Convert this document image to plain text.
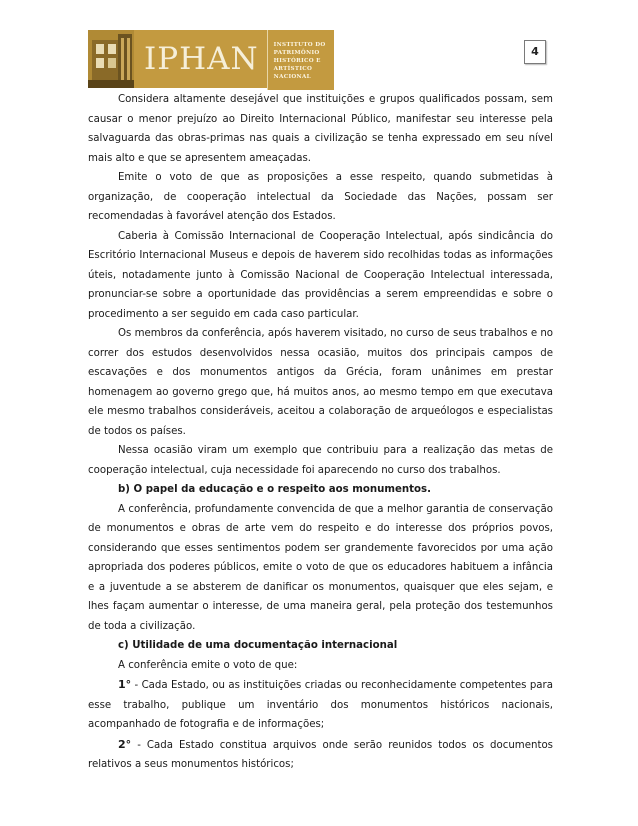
IPHAN	INSTITUTO DO
PATRIMÔNIO
HISTÓRICO E
ARTÍSTICO
NACIONAL
4

Considera altamente desejável que instituições e grupos qualificados possam, sem causar o menor prejuízo ao Direito Internacional Público, manifestar seu interesse pela salvaguarda das obras-primas nas quais a civilização se tenha expressado em seu nível mais alto e que se apresentem ameaçadas.

Emite o voto de que as proposições a esse respeito, quando submetidas à organização, de cooperação intelectual da Sociedade das Nações, possam ser recomendadas à favorável atenção dos Estados.

Caberia à Comissão Internacional de Cooperação Intelectual, após sindicância do Escritório Internacional Museus e depois de haverem sido recolhidas todas as informações úteis, notadamente junto à Comissão Nacional de Cooperação Intelectual interessada, pronunciar-se sobre a oportunidade das providências a serem empreendidas e sobre o procedimento a ser seguido em cada caso particular.

Os membros da conferência, após haverem visitado, no curso de seus trabalhos e no correr dos estudos desenvolvidos nessa ocasião, muitos dos principais campos de escavações e dos monumentos antigos da Grécia, foram unânimes em prestar homenagem ao governo grego que, há muitos anos, ao mesmo tempo em que executava ele mesmo trabalhos consideráveis, aceitou a colaboração de arqueólogos e especialistas de todos os países.

Nessa ocasião viram um exemplo que contribuiu para a realização das metas de cooperação intelectual, cuja necessidade foi aparecendo no curso dos trabalhos.

b) O papel da educação e o respeito aos monumentos.

A conferência, profundamente convencida de que a melhor garantia de conservação de monumentos e obras de arte vem do respeito e do interesse dos próprios povos, considerando que esses sentimentos podem ser grandemente favorecidos por uma ação apropriada dos poderes públicos, emite o voto de que os educadores habituem a infância e a juventude a se absterem de danificar os monumentos, quaisquer que eles sejam, e lhes façam aumentar o interesse, de uma maneira geral, pela proteção dos testemunhos de toda a civilização.

c) Utilidade de uma documentação internacional

A conferência emite o voto de que:

1° - Cada Estado, ou as instituições criadas ou reconhecidamente competentes para esse trabalho, publique um inventário dos monumentos históricos nacionais, acompanhado de fotografia e de informações;

2° - Cada Estado constitua arquivos onde serão reunidos todos os documentos relativos a seus monumentos históricos;
